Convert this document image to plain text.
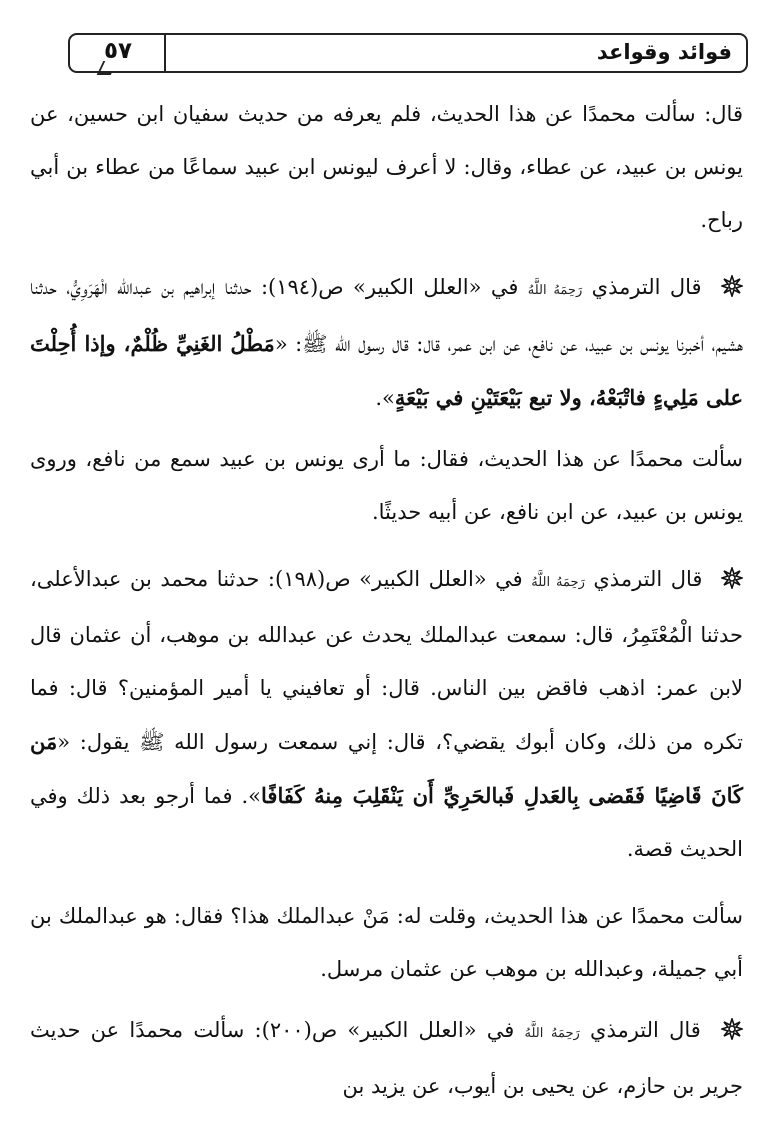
٥٧	فوائد وقواعد

قال: سألت محمدًا عن هذا الحديث، فلم يعرفه من حديث سفيان ابن حسين، عن يونس بن عبيد، عن عطاء، وقال: لا أعرف ليونس ابن عبيد سماعًا من عطاء بن أبي رباح.

قال الترمذي رَحِمَهُ اللَّهُ في «العلل الكبير» ص(١٩٤): حدثنا إبراهيم بن عبدالله الْهَرَوِيُّ، حدثنا هشيم، أخبرنا يونس بن عبيد، عن نافع، عن ابن عمر، قال: قال رسول الله ﷺ: «مَطْلُ الغَنِيِّ ظُلْمٌ، وإذا أُحِلْتَ على مَلِيءٍ فاتْبَعْهُ، ولا تبع بَيْعَتَيْنِ في بَيْعَةٍ».

سألت محمدًا عن هذا الحديث، فقال: ما أرى يونس بن عبيد سمع من نافع، وروى يونس بن عبيد، عن ابن نافع، عن أبيه حديثًا.

قال الترمذي رَحِمَهُ اللَّهُ في «العلل الكبير» ص(١٩٨): حدثنا محمد بن عبدالأعلى، حدثنا الْمُعْتَمِرُ، قال: سمعت عبدالملك يحدث عن عبدالله بن موهب، أن عثمان قال لابن عمر: اذهب فاقض بين الناس. قال: أو تعافيني يا أمير المؤمنين؟ قال: فما تكره من ذلك، وكان أبوك يقضي؟، قال: إني سمعت رسول الله ﷺ يقول: «مَن كَانَ قَاضِيًا فَقَضى بِالعَدلِ فَبالحَرِيِّ أَن يَنْقَلِبَ مِنهُ كَفَافًا». فما أرجو بعد ذلك وفي الحديث قصة.

سألت محمدًا عن هذا الحديث، وقلت له: مَنْ عبدالملك هذا؟ فقال: هو عبدالملك بن أبي جميلة، وعبدالله بن موهب عن عثمان مرسل.

قال الترمذي رَحِمَهُ اللَّهُ في «العلل الكبير» ص(٢٠٠): سألت محمدًا عن حديث جرير بن حازم، عن يحيى بن أيوب، عن يزيد بن
